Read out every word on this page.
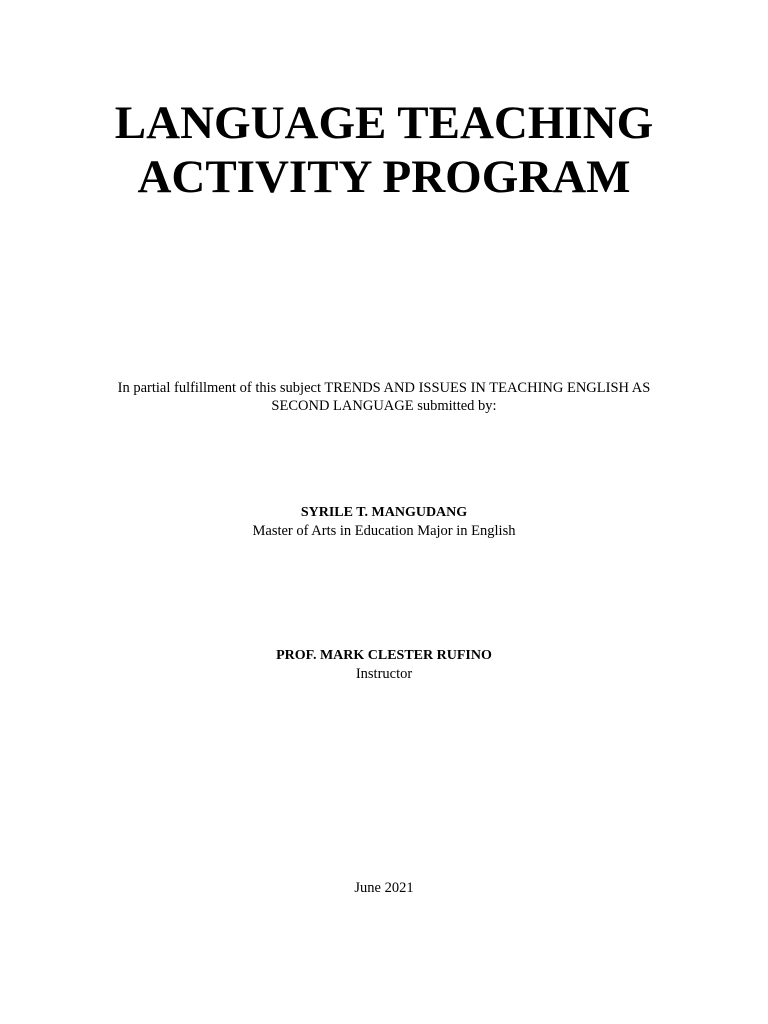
LANGUAGE TEACHING
ACTIVITY PROGRAM

In partial fulfillment of this subject TRENDS AND ISSUES IN TEACHING ENGLISH AS
SECOND LANGUAGE submitted by:

SYRILE T. MANGUDANG
Master of Arts in Education Major in English
PROF. MARK CLESTER RUFINO
Instructor

June 2021
